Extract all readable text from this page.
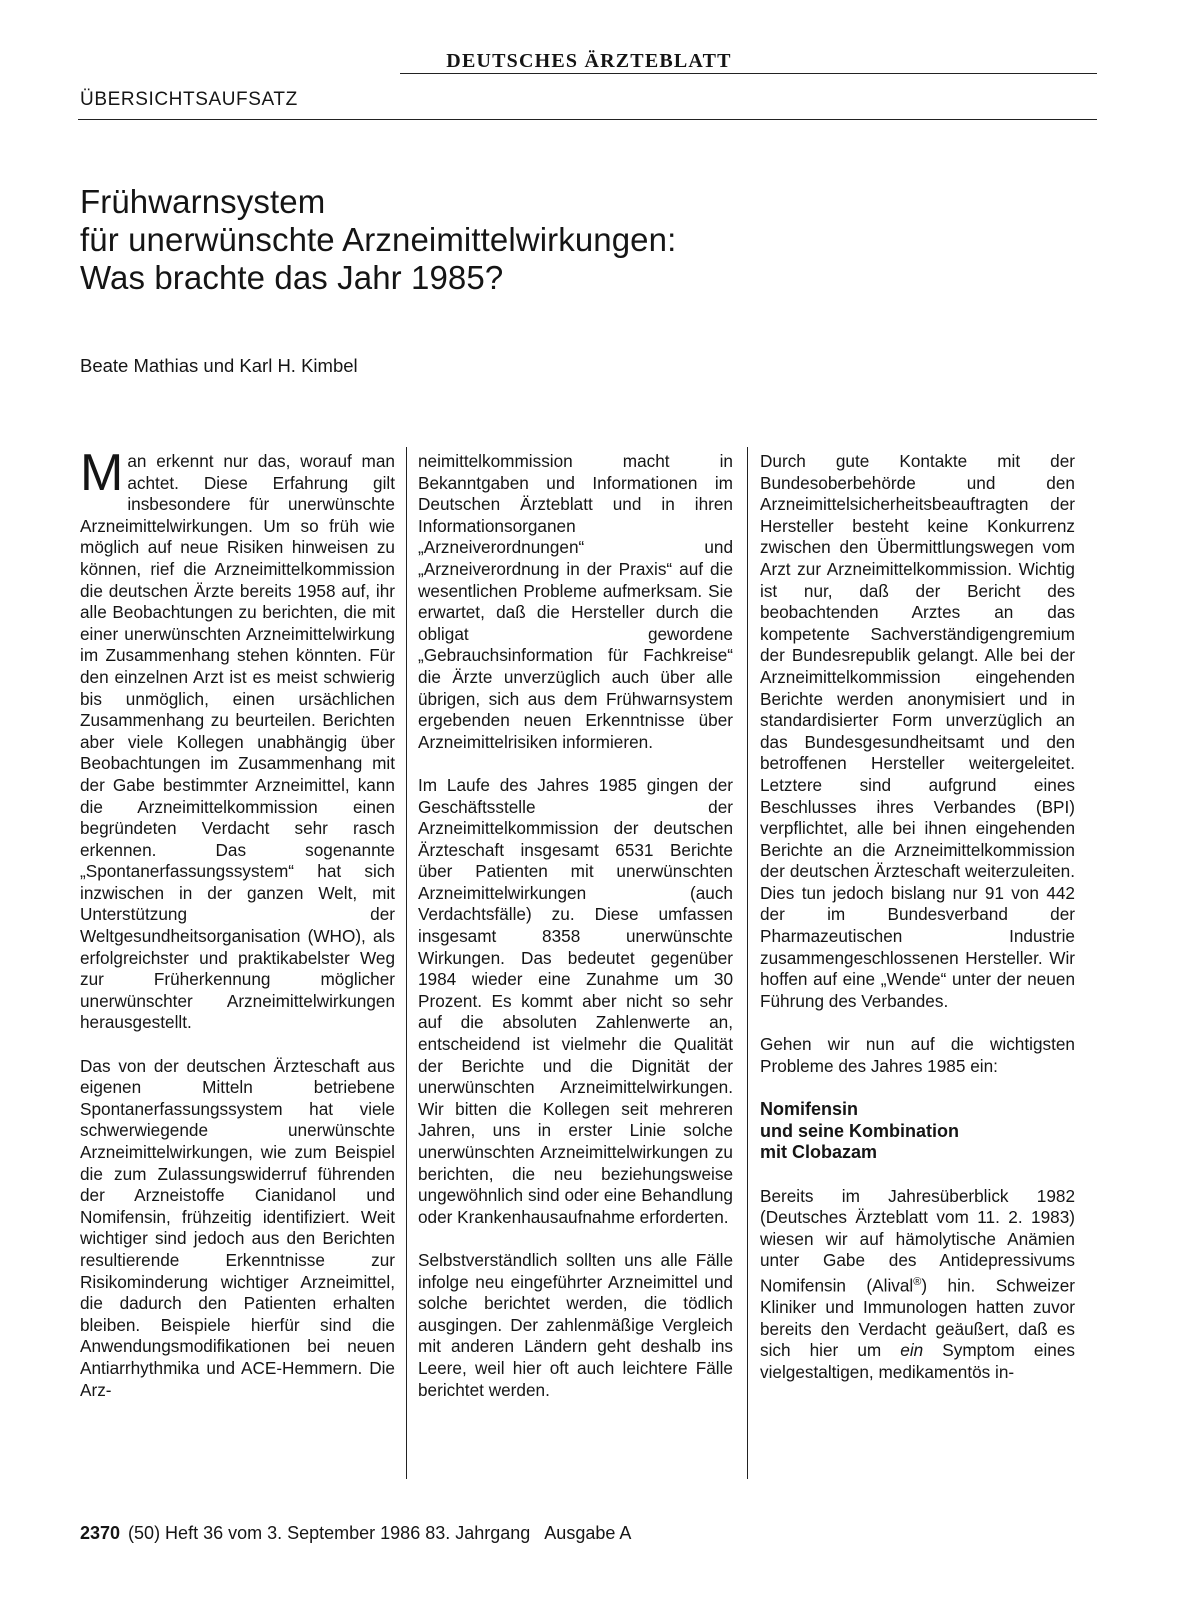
DEUTSCHES ÄRZTEBLATT
ÜBERSICHTSAUFSATZ
Frühwarnsystem
für unerwünschte Arzneimittelwirkungen:
Was brachte das Jahr 1985?
Beate Mathias und Karl H. Kimbel

Man erkennt nur das, worauf man achtet. Diese Erfahrung gilt insbesondere für unerwünschte Arzneimittelwirkungen. Um so früh wie möglich auf neue Risiken hinweisen zu können, rief die Arzneimittelkommission die deutschen Ärzte bereits 1958 auf, ihr alle Beobachtungen zu berichten, die mit einer unerwünschten Arzneimittelwirkung im Zusammenhang stehen könnten. Für den einzelnen Arzt ist es meist schwierig bis unmöglich, einen ursächlichen Zusammenhang zu beurteilen. Berichten aber viele Kollegen unabhängig über Beobachtungen im Zusammenhang mit der Gabe bestimmter Arzneimittel, kann die Arzneimittelkommission einen begründeten Verdacht sehr rasch erkennen. Das sogenannte „Spontanerfassungssystem“ hat sich inzwischen in der ganzen Welt, mit Unterstützung der Weltgesundheitsorganisation (WHO), als erfolgreichster und praktikabelster Weg zur Früherkennung möglicher unerwünschter Arzneimittelwirkungen herausgestellt.

Das von der deutschen Ärzteschaft aus eigenen Mitteln betriebene Spontanerfassungssystem hat viele schwerwiegende unerwünschte Arzneimittelwirkungen, wie zum Beispiel die zum Zulassungswiderruf führenden der Arzneistoffe Cianidanol und Nomifensin, frühzeitig identifiziert. Weit wichtiger sind jedoch aus den Berichten resultierende Erkenntnisse zur Risikominderung wichtiger Arzneimittel, die dadurch den Patienten erhalten bleiben. Beispiele hierfür sind die Anwendungsmodifikationen bei neuen Antiarrhythmika und ACE-Hemmern. Die Arz-

neimittelkommission macht in Bekanntgaben und Informationen im Deutschen Ärzteblatt und in ihren Informationsorganen „Arzneiverordnungen“ und „Arzneiverordnung in der Praxis“ auf die wesentlichen Probleme aufmerksam. Sie erwartet, daß die Hersteller durch die obligat gewordene „Gebrauchsinformation für Fachkreise“ die Ärzte unverzüglich auch über alle übrigen, sich aus dem Frühwarnsystem ergebenden neuen Erkenntnisse über Arzneimittelrisiken informieren.

Im Laufe des Jahres 1985 gingen der Geschäftsstelle der Arzneimittelkommission der deutschen Ärzteschaft insgesamt 6531 Berichte über Patienten mit unerwünschten Arzneimittelwirkungen (auch Verdachtsfälle) zu. Diese umfassen insgesamt 8358 unerwünschte Wirkungen. Das bedeutet gegenüber 1984 wieder eine Zunahme um 30 Prozent. Es kommt aber nicht so sehr auf die absoluten Zahlenwerte an, entscheidend ist vielmehr die Qualität der Berichte und die Dignität der unerwünschten Arzneimittelwirkungen. Wir bitten die Kollegen seit mehreren Jahren, uns in erster Linie solche unerwünschten Arzneimittelwirkungen zu berichten, die neu beziehungsweise ungewöhnlich sind oder eine Behandlung oder Krankenhausaufnahme erforderten.

Selbstverständlich sollten uns alle Fälle infolge neu eingeführter Arzneimittel und solche berichtet werden, die tödlich ausgingen. Der zahlenmäßige Vergleich mit anderen Ländern geht deshalb ins Leere, weil hier oft auch leichtere Fälle berichtet werden.

Durch gute Kontakte mit der Bundesoberbehörde und den Arzneimittelsicherheitsbeauftragten der Hersteller besteht keine Konkurrenz zwischen den Übermittlungswegen vom Arzt zur Arzneimittelkommission. Wichtig ist nur, daß der Bericht des beobachtenden Arztes an das kompetente Sachverständigengremium der Bundesrepublik gelangt. Alle bei der Arzneimittelkommission eingehenden Berichte werden anonymisiert und in standardisierter Form unverzüglich an das Bundesgesundheitsamt und den betroffenen Hersteller weitergeleitet. Letztere sind aufgrund eines Beschlusses ihres Verbandes (BPI) verpflichtet, alle bei ihnen eingehenden Berichte an die Arzneimittelkommission der deutschen Ärzteschaft weiterzuleiten. Dies tun jedoch bislang nur 91 von 442 der im Bundesverband der Pharmazeutischen Industrie zusammengeschlossenen Hersteller. Wir hoffen auf eine „Wende“ unter der neuen Führung des Verbandes.

Gehen wir nun auf die wichtigsten Probleme des Jahres 1985 ein:

Nomifensin
und seine Kombination
mit Clobazam

Bereits im Jahresüberblick 1982 (Deutsches Ärzteblatt vom 11. 2. 1983) wiesen wir auf hämolytische Anämien unter Gabe des Antidepressivums Nomifensin (Alival®) hin. Schweizer Kliniker und Immunologen hatten zuvor bereits den Verdacht geäußert, daß es sich hier um ein Symptom eines vielgestaltigen, medikamentös in-

2370 (50) Heft 36 vom 3. September 1986 83. Jahrgang   Ausgabe A
